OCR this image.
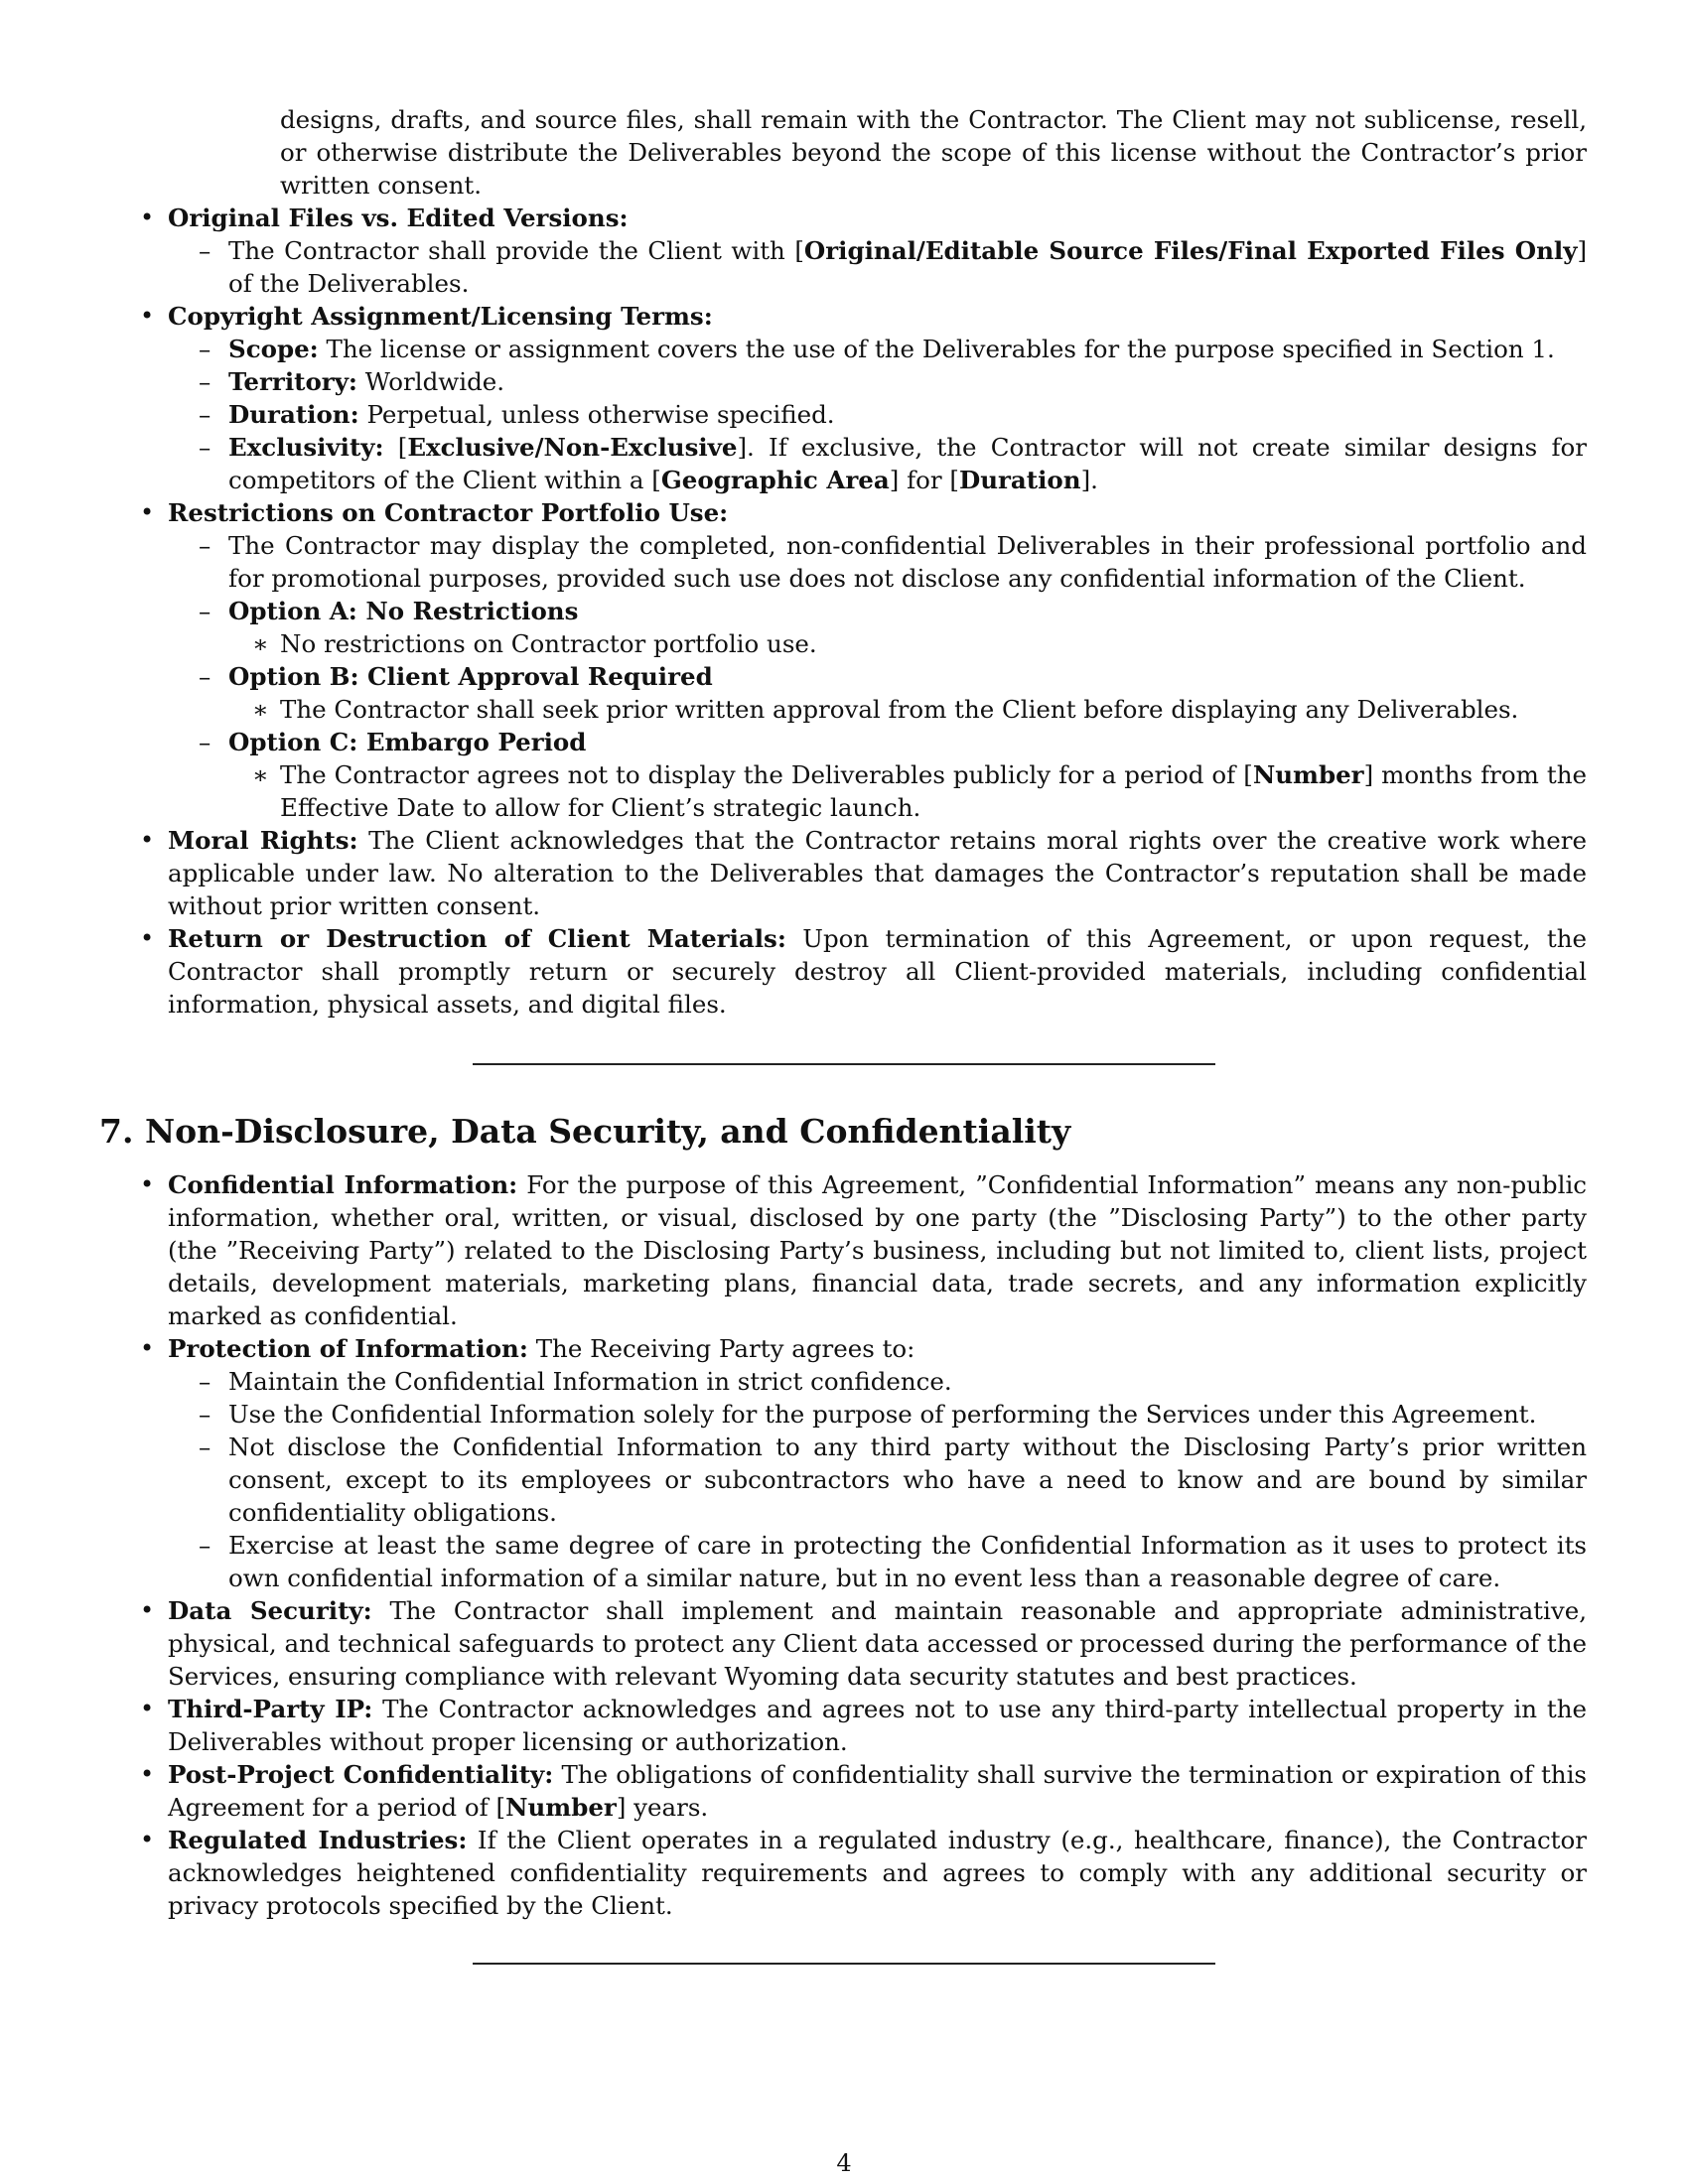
designs, drafts, and source files, shall remain with the Contractor. The Client may not sublicense, resell, or otherwise distribute the Deliverables beyond the scope of this license without the Contractor’s prior written consent.
• Original Files vs. Edited Versions:
– The Contractor shall provide the Client with [Original/Editable Source Files/Final Exported Files Only] of the Deliverables.
• Copyright Assignment/Licensing Terms:
– Scope: The license or assignment covers the use of the Deliverables for the purpose specified in Section 1.
– Territory: Worldwide.
– Duration: Perpetual, unless otherwise specified.
– Exclusivity: [Exclusive/Non-Exclusive]. If exclusive, the Contractor will not create similar designs for competitors of the Client within a [Geographic Area] for [Duration].
• Restrictions on Contractor Portfolio Use:
– The Contractor may display the completed, non-confidential Deliverables in their professional portfolio and for promotional purposes, provided such use does not disclose any confidential information of the Client.
– Option A: No Restrictions
∗ No restrictions on Contractor portfolio use.
– Option B: Client Approval Required
∗ The Contractor shall seek prior written approval from the Client before displaying any Deliverables.
– Option C: Embargo Period
∗ The Contractor agrees not to display the Deliverables publicly for a period of [Number] months from the Effective Date to allow for Client’s strategic launch.
• Moral Rights: The Client acknowledges that the Contractor retains moral rights over the creative work where applicable under law. No alteration to the Deliverables that damages the Contractor’s reputation shall be made without prior written consent.
• Return or Destruction of Client Materials: Upon termination of this Agreement, or upon request, the Contractor shall promptly return or securely destroy all Client-provided materials, including confidential information, physical assets, and digital files.
7. Non-Disclosure, Data Security, and Confidentiality
• Confidential Information: For the purpose of this Agreement, ”Confidential Information” means any non-public information, whether oral, written, or visual, disclosed by one party (the ”Disclosing Party”) to the other party (the ”Receiving Party”) related to the Disclosing Party’s business, including but not limited to, client lists, project details, development materials, marketing plans, financial data, trade secrets, and any information explicitly marked as confidential.
• Protection of Information: The Receiving Party agrees to:
– Maintain the Confidential Information in strict confidence.
– Use the Confidential Information solely for the purpose of performing the Services under this Agreement.
– Not disclose the Confidential Information to any third party without the Disclosing Party’s prior written consent, except to its employees or subcontractors who have a need to know and are bound by similar confidentiality obligations.
– Exercise at least the same degree of care in protecting the Confidential Information as it uses to protect its own confidential information of a similar nature, but in no event less than a reasonable degree of care.
• Data Security: The Contractor shall implement and maintain reasonable and appropriate administrative, physical, and technical safeguards to protect any Client data accessed or processed during the performance of the Services, ensuring compliance with relevant Wyoming data security statutes and best practices.
• Third-Party IP: The Contractor acknowledges and agrees not to use any third-party intellectual property in the Deliverables without proper licensing or authorization.
• Post-Project Confidentiality: The obligations of confidentiality shall survive the termination or expiration of this Agreement for a period of [Number] years.
• Regulated Industries: If the Client operates in a regulated industry (e.g., healthcare, finance), the Contractor acknowledges heightened confidentiality requirements and agrees to comply with any additional security or privacy protocols specified by the Client.
4
